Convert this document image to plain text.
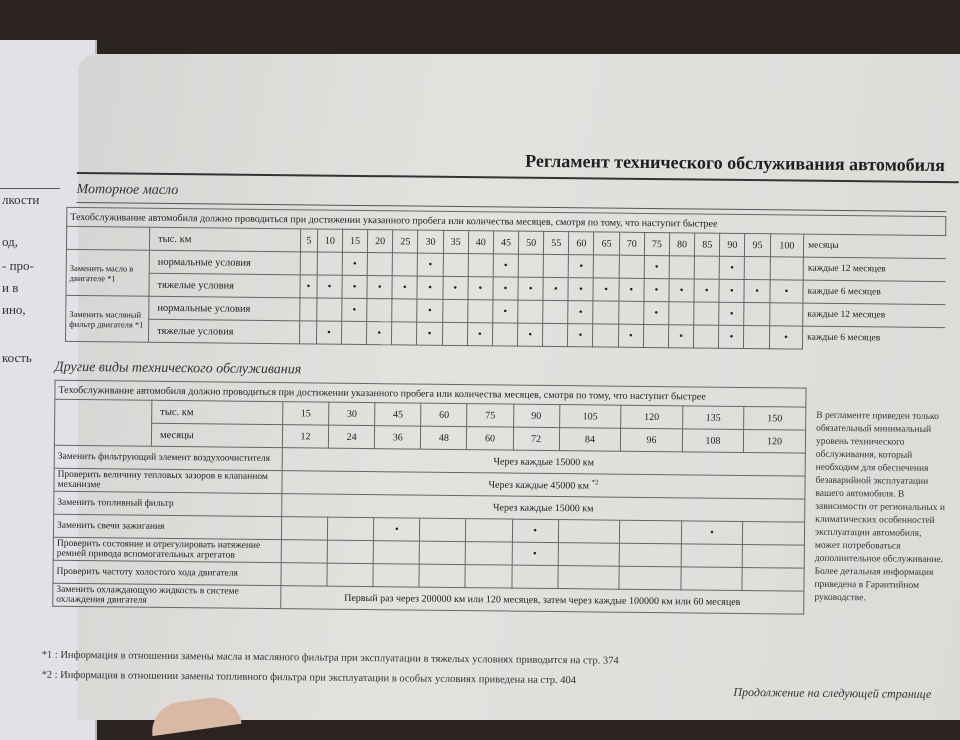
лкости
од,
- про-
и в
ино,
кость
Регламент технического обслуживания автомобиля
Моторное масло
Техобслуживание автомобиля должно проводиться при достижении указанного пробега или количества месяцев, смотря по тому, что наступит быстрее																						
	тыс. км	5	10	15	20	25	30	35	40	45	50	55	60	65	70	75	80	85	90	95	100	месяцы
Заменить масло в двигателе *1	нормальные условия			•			•			•			•			•			•			каждые 12 месяцев
	тяжелые условия	•	•	•	•	•	•	•	•	•	•	•	•	•	•	•	•	•	•	•	•	каждые 6 месяцев
Заменить масляный фильтр двигателя *1	нормальные условия			•			•			•			•			•			•			каждые 12 месяцев
	тяжелые условия		•		•		•		•		•		•		•		•		•		•	каждые 6 месяцев
Другие виды технического обслуживания
Техобслуживание автомобиля должно проводиться при достижении указанного пробега или количества месяцев, смотря по тому, что наступит быстрее											
	тыс. км	15	30	45	60	75	90	105	120	135	150
	месяцы	12	24	36	48	60	72	84	96	108	120
Заменить фильтрующий элемент воздухоочистителя		Через каждые 15000 км									
Проверить величину тепловых зазоров в клапанном механизме		Через каждые 45000 км $^{*2}$
Заменить топливный фильтр		Через каждые 15000 км									
Заменить свечи зажигания				•			•			•	
Проверить состояние и отрегулировать натяжение ремней привода вспомогательных агрегатов							•				
Проверить частоту холостого хода двигателя											
Заменить охлаждающую жидкость в системе охлаждения двигателя		Первый раз через 200000 км или 120 месяцев, затем через каждые 100000 км или 60 месяцев									
В регламенте приведен только обязательный минимальный уровень технического обслуживания, который необходим для обеспечения безаварийной эксплуатации вашего автомобиля. В зависимости от региональных и климатических особенностей эксплуатации автомобиля, может потребоваться дополнительное обслуживание. Более детальная информация приведена в Гарантийном руководстве.
*1 : Информация в отношении замены масла и масляного фильтра при эксплуатации в тяжелых условиях приводится на стр. 374
*2 : Информация в отношении замены топливного фильтра при эксплуатации в особых условиях приведена на стр. 404
Продолжение на следующей странице
